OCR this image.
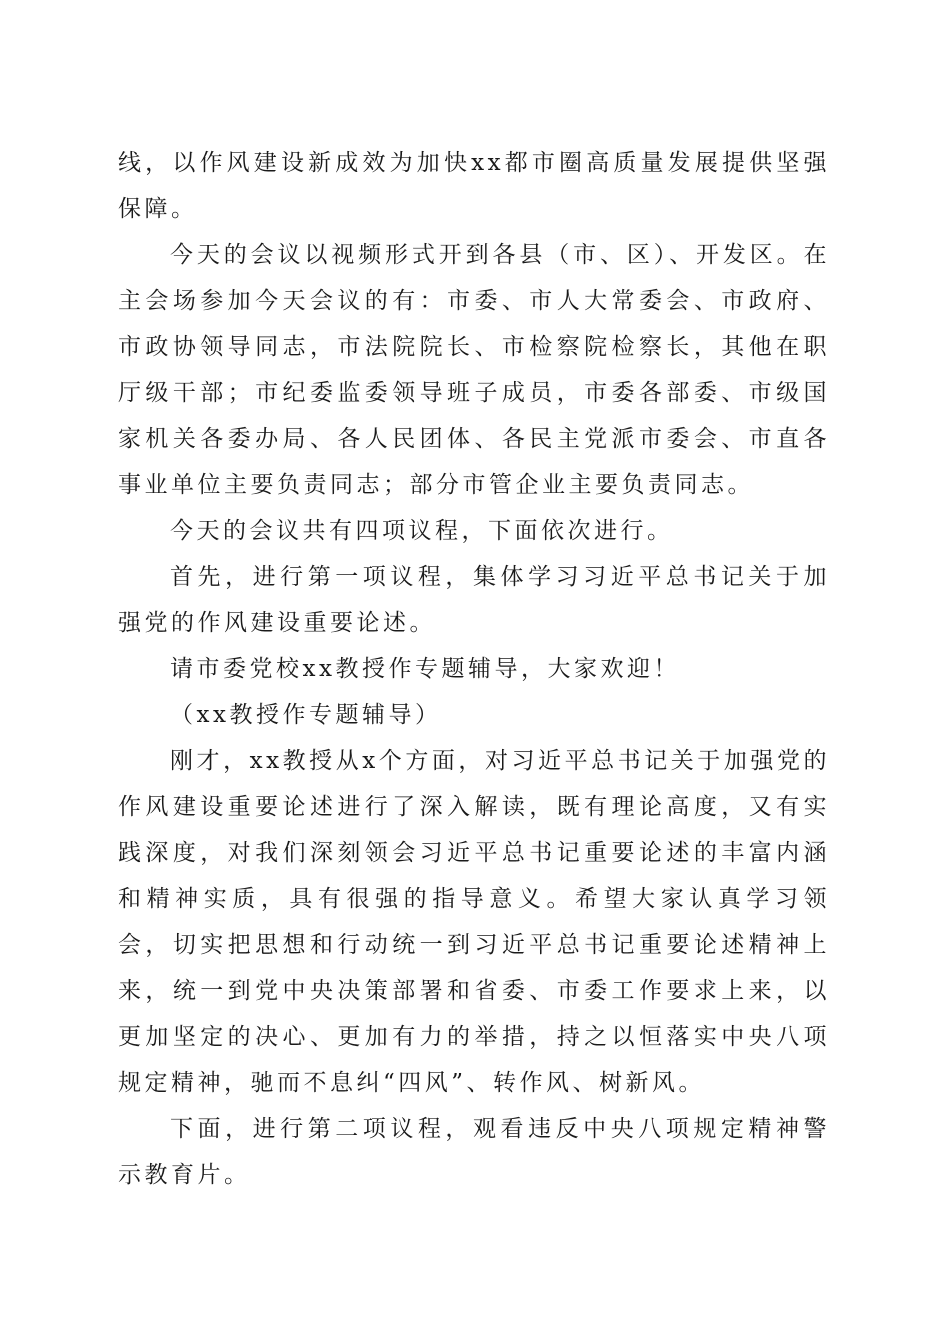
线，以作风建设新成效为加快xx都市圈高质量发展提供坚强保障。

今天的会议以视频形式开到各县（市、区）、开发区。在主会场参加今天会议的有：市委、市人大常委会、市政府、市政协领导同志，市法院院长、市检察院检察长，其他在职厅级干部；市纪委监委领导班子成员，市委各部委、市级国家机关各委办局、各人民团体、各民主党派市委会、市直各事业单位主要负责同志；部分市管企业主要负责同志。

今天的会议共有四项议程，下面依次进行。

首先，进行第一项议程，集体学习习近平总书记关于加强党的作风建设重要论述。

请市委党校xx教授作专题辅导，大家欢迎！

（xx教授作专题辅导）

刚才，xx教授从x个方面，对习近平总书记关于加强党的作风建设重要论述进行了深入解读，既有理论高度，又有实践深度，对我们深刻领会习近平总书记重要论述的丰富内涵和精神实质，具有很强的指导意义。希望大家认真学习领会，切实把思想和行动统一到习近平总书记重要论述精神上来，统一到党中央决策部署和省委、市委工作要求上来，以更加坚定的决心、更加有力的举措，持之以恒落实中央八项规定精神，驰而不息纠“四风”、转作风、树新风。

下面，进行第二项议程，观看违反中央八项规定精神警示教育片。
